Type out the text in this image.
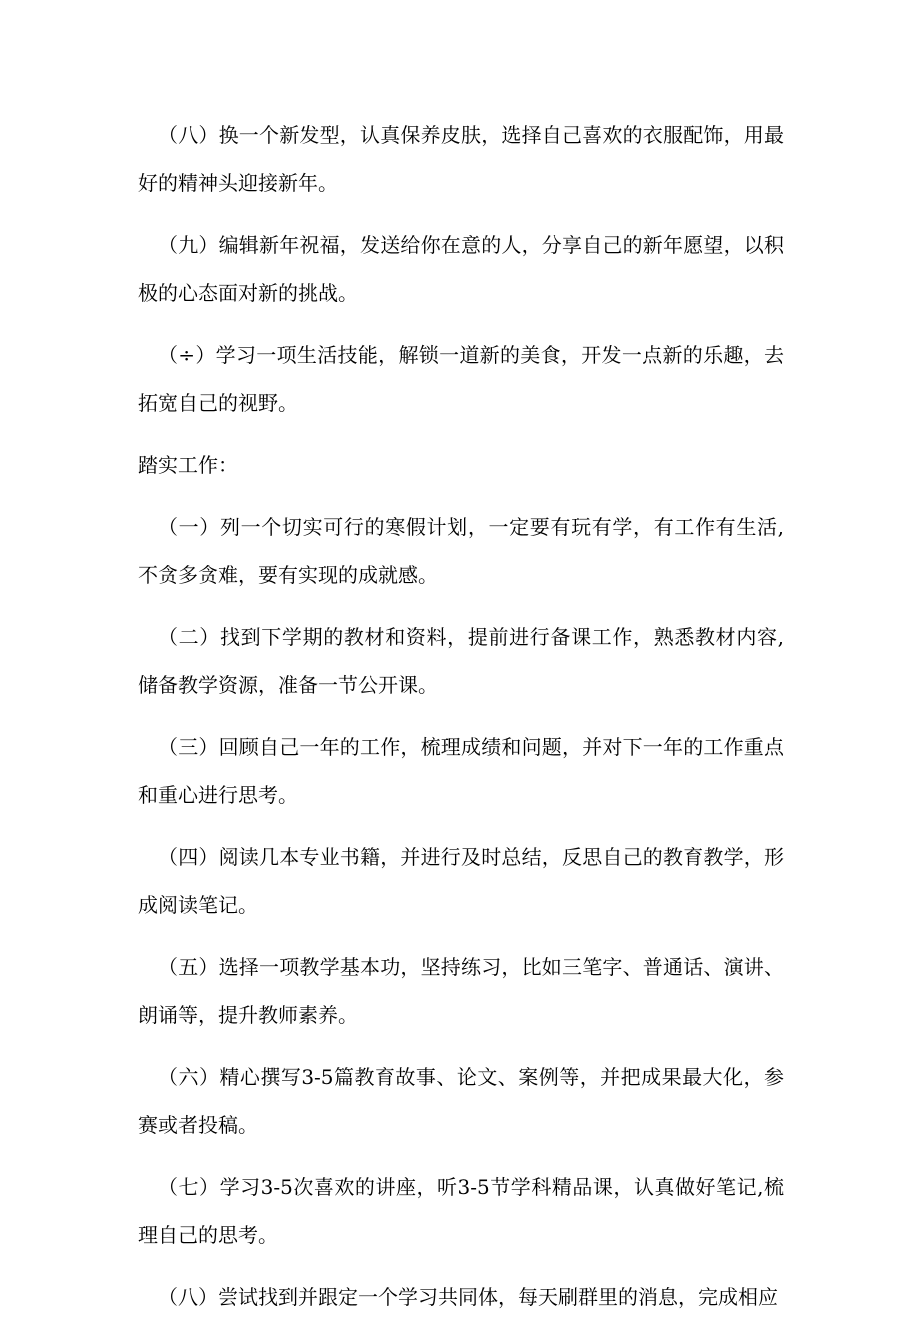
（八）换一个新发型，认真保养皮肤，选择自己喜欢的衣服配饰，用最好的精神头迎接新年。

（九）编辑新年祝福，发送给你在意的人，分享自己的新年愿望，以积极的心态面对新的挑战。

（÷）学习一项生活技能，解锁一道新的美食，开发一点新的乐趣，去拓宽自己的视野。

踏实工作：

（一）列一个切实可行的寒假计划，一定要有玩有学，有工作有生活,不贪多贪难，要有实现的成就感。

（二）找到下学期的教材和资料，提前进行备课工作，熟悉教材内容,储备教学资源，准备一节公开课。

（三）回顾自己一年的工作，梳理成绩和问题，并对下一年的工作重点和重心进行思考。

（四）阅读几本专业书籍，并进行及时总结，反思自己的教育教学，形成阅读笔记。

（五）选择一项教学基本功，坚持练习，比如三笔字、普通话、演讲、朗诵等，提升教师素养。

（六）精心撰写3-5篇教育故事、论文、案例等，并把成果最大化，参赛或者投稿。

（七）学习3-5次喜欢的讲座，听3-5节学科精品课，认真做好笔记,梳理自己的思考。

（八）尝试找到并跟定一个学习共同体，每天刷群里的消息，完成相应
